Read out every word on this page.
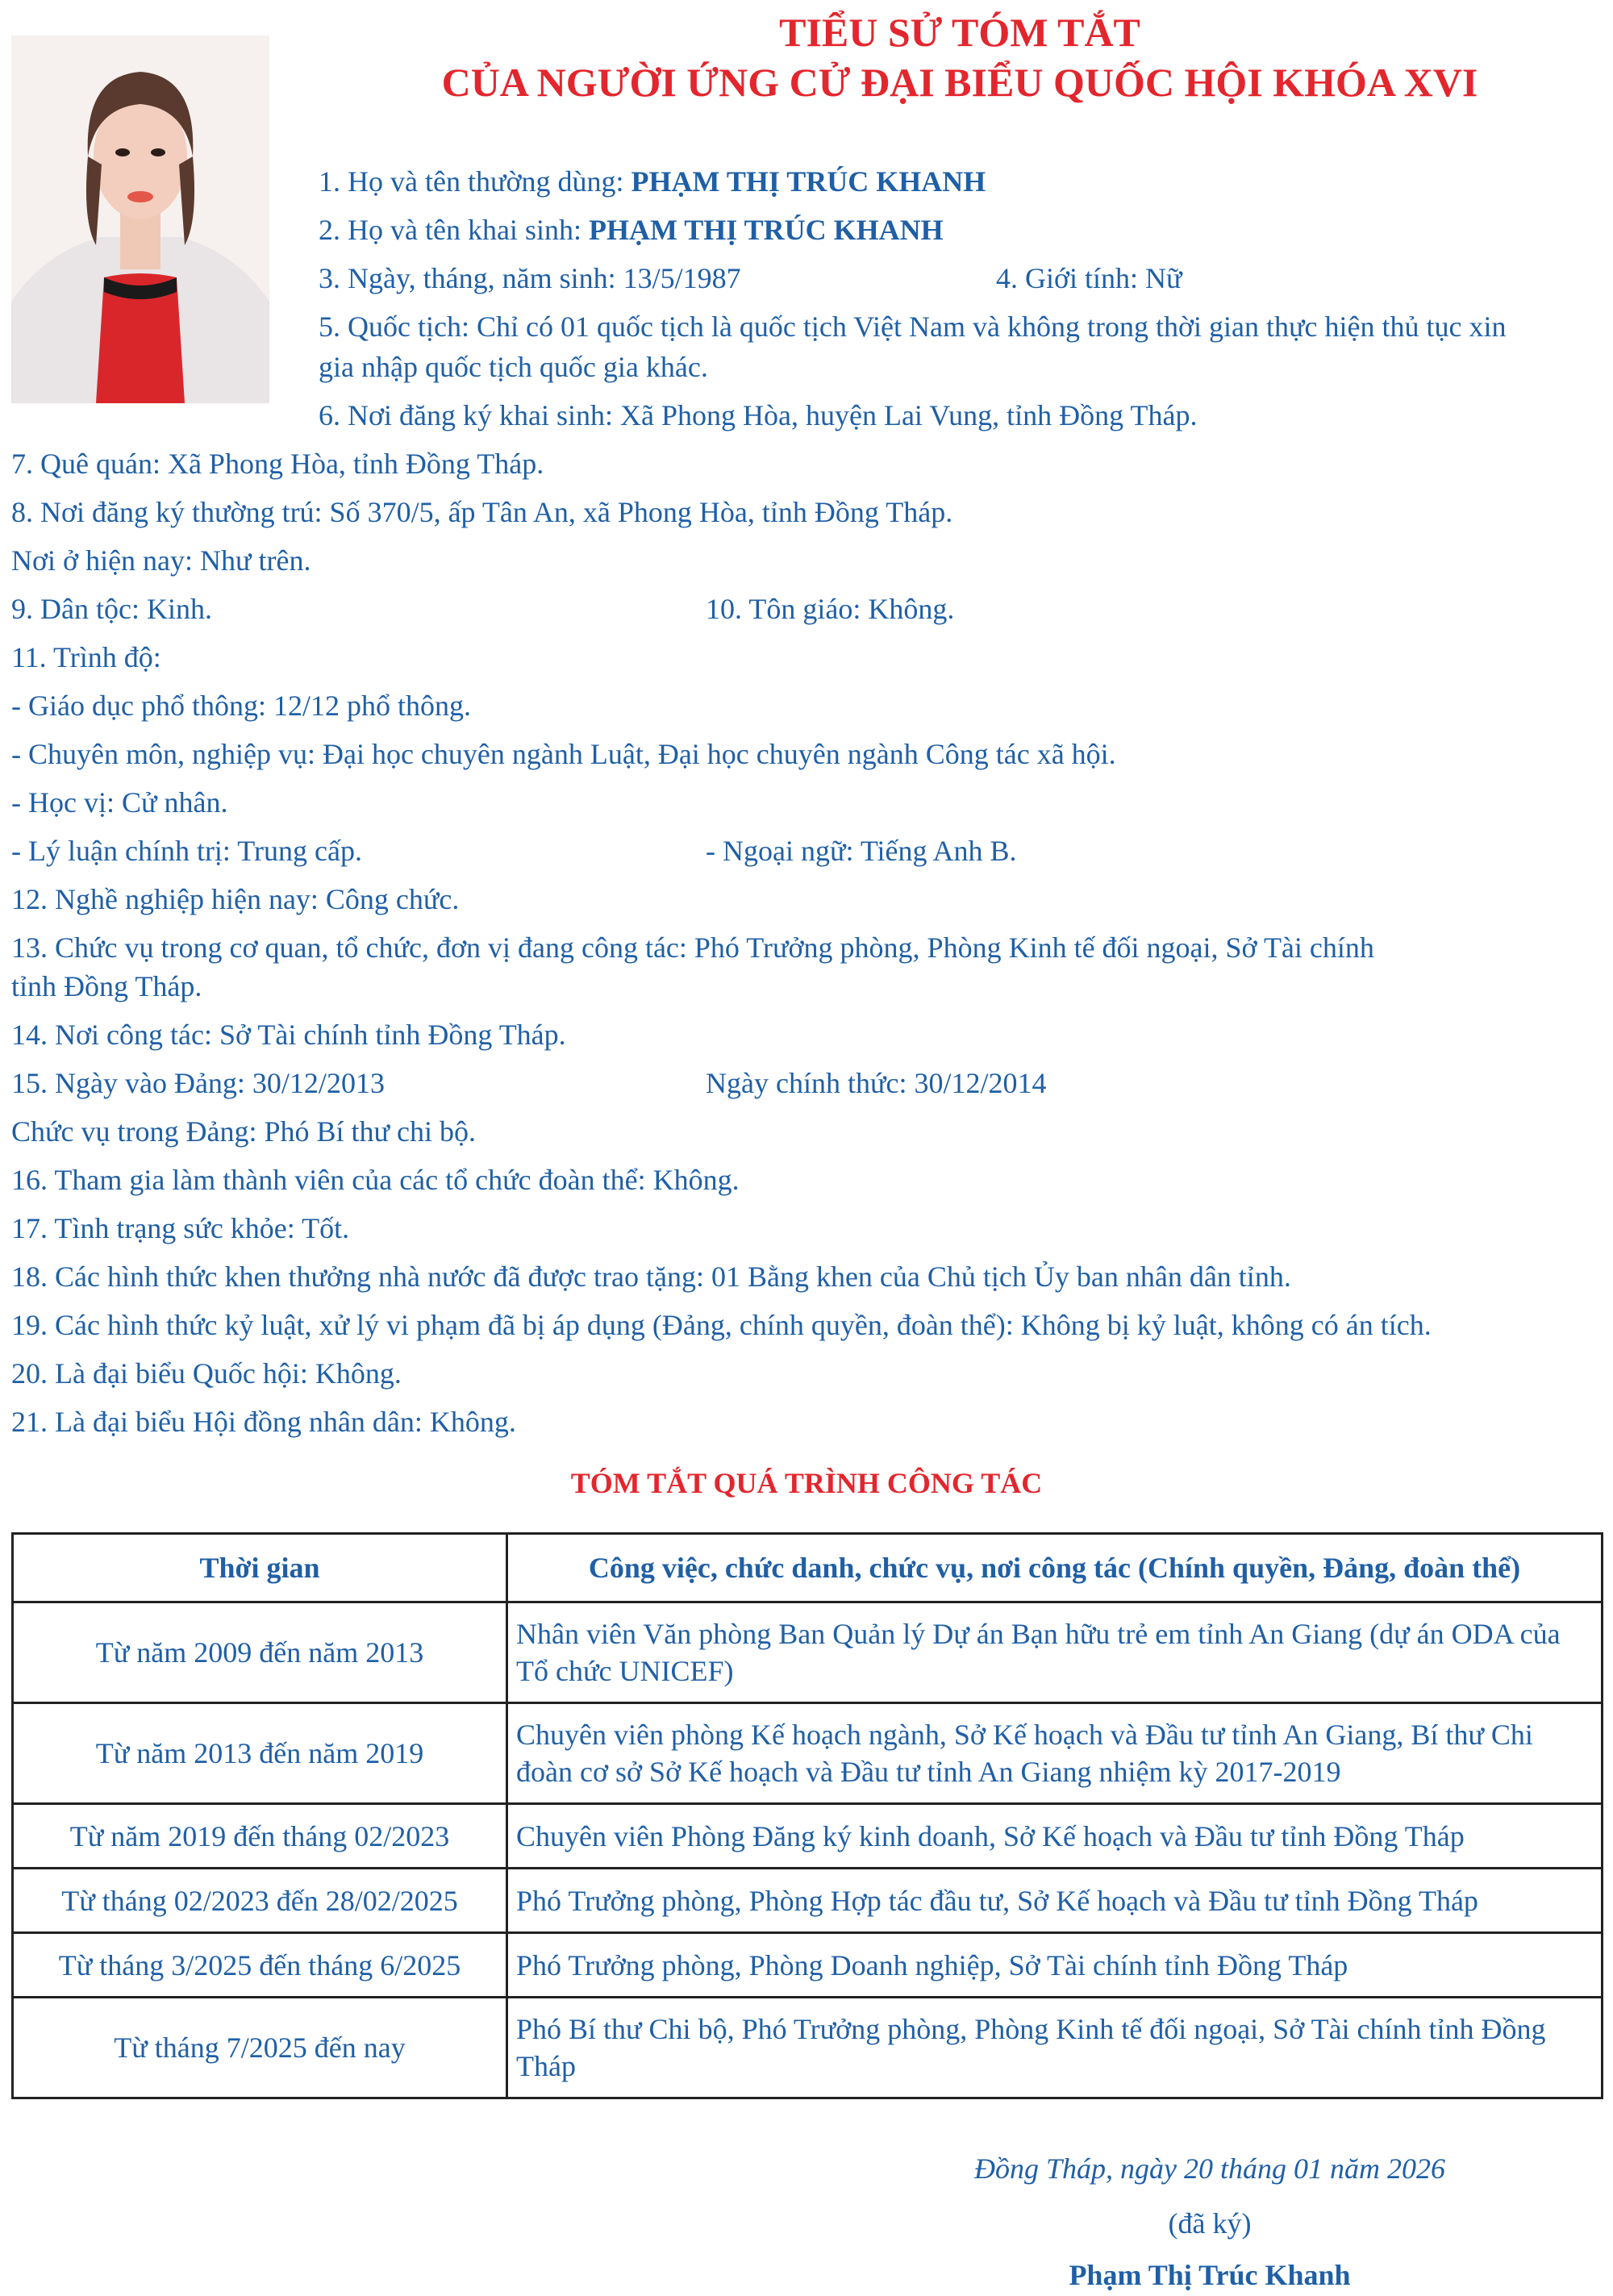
TIỂU SỬ TÓM TẮT
CỦA NGƯỜI ỨNG CỬ ĐẠI BIỂU QUỐC HỘI KHÓA XVI
1. Họ và tên thường dùng: PHẠM THỊ TRÚC KHANH
2. Họ và tên khai sinh: PHẠM THỊ TRÚC KHANH
3. Ngày, tháng, năm sinh: 13/5/1987	4. Giới tính: Nữ
5. Quốc tịch: Chỉ có 01 quốc tịch là quốc tịch Việt Nam và không trong thời gian thực hiện thủ tục xin
gia nhập quốc tịch quốc gia khác.
6. Nơi đăng ký khai sinh: Xã Phong Hòa, huyện Lai Vung, tỉnh Đồng Tháp.
7. Quê quán: Xã Phong Hòa, tỉnh Đồng Tháp.
8. Nơi đăng ký thường trú: Số 370/5, ấp Tân An, xã Phong Hòa, tỉnh Đồng Tháp.
Nơi ở hiện nay: Như trên.
9. Dân tộc: Kinh.	10. Tôn giáo: Không.
11. Trình độ:
- Giáo dục phổ thông: 12/12 phổ thông.
- Chuyên môn, nghiệp vụ: Đại học chuyên ngành Luật, Đại học chuyên ngành Công tác xã hội.
- Học vị: Cử nhân.
- Lý luận chính trị: Trung cấp.	- Ngoại ngữ: Tiếng Anh B.
12. Nghề nghiệp hiện nay: Công chức.
13. Chức vụ trong cơ quan, tổ chức, đơn vị đang công tác: Phó Trưởng phòng, Phòng Kinh tế đối ngoại, Sở Tài chính
tỉnh Đồng Tháp.
14. Nơi công tác: Sở Tài chính tỉnh Đồng Tháp.
15. Ngày vào Đảng: 30/12/2013	Ngày chính thức: 30/12/2014
Chức vụ trong Đảng: Phó Bí thư chi bộ.
16. Tham gia làm thành viên của các tổ chức đoàn thể: Không.
17. Tình trạng sức khỏe: Tốt.
18. Các hình thức khen thưởng nhà nước đã được trao tặng: 01 Bằng khen của Chủ tịch Ủy ban nhân dân tỉnh.
19. Các hình thức kỷ luật, xử lý vi phạm đã bị áp dụng (Đảng, chính quyền, đoàn thể): Không bị kỷ luật, không có án tích.
20. Là đại biểu Quốc hội: Không.
21. Là đại biểu Hội đồng nhân dân: Không.
TÓM TẮT QUÁ TRÌNH CÔNG TÁC
Thời gian	Công việc, chức danh, chức vụ, nơi công tác (Chính quyền, Đảng, đoàn thể)
Từ năm 2009 đến năm 2013	Nhân viên Văn phòng Ban Quản lý Dự án Bạn hữu trẻ em tỉnh An Giang (dự án ODA của Tổ chức UNICEF)
Từ năm 2013 đến năm 2019	Chuyên viên phòng Kế hoạch ngành, Sở Kế hoạch và Đầu tư tỉnh An Giang, Bí thư Chi đoàn cơ sở Sở Kế hoạch và Đầu tư tỉnh An Giang nhiệm kỳ 2017-2019
Từ năm 2019 đến tháng 02/2023	Chuyên viên Phòng Đăng ký kinh doanh, Sở Kế hoạch và Đầu tư tỉnh Đồng Tháp
Từ tháng 02/2023 đến 28/02/2025	Phó Trưởng phòng, Phòng Hợp tác đầu tư, Sở Kế hoạch và Đầu tư tỉnh Đồng Tháp
Từ tháng 3/2025 đến tháng 6/2025	Phó Trưởng phòng, Phòng Doanh nghiệp, Sở Tài chính tỉnh Đồng Tháp
Từ tháng 7/2025 đến nay	Phó Bí thư Chi bộ, Phó Trưởng phòng, Phòng Kinh tế đối ngoại, Sở Tài chính tỉnh Đồng Tháp
Đồng Tháp, ngày 20 tháng 01 năm 2026
(đã ký)
Phạm Thị Trúc Khanh
